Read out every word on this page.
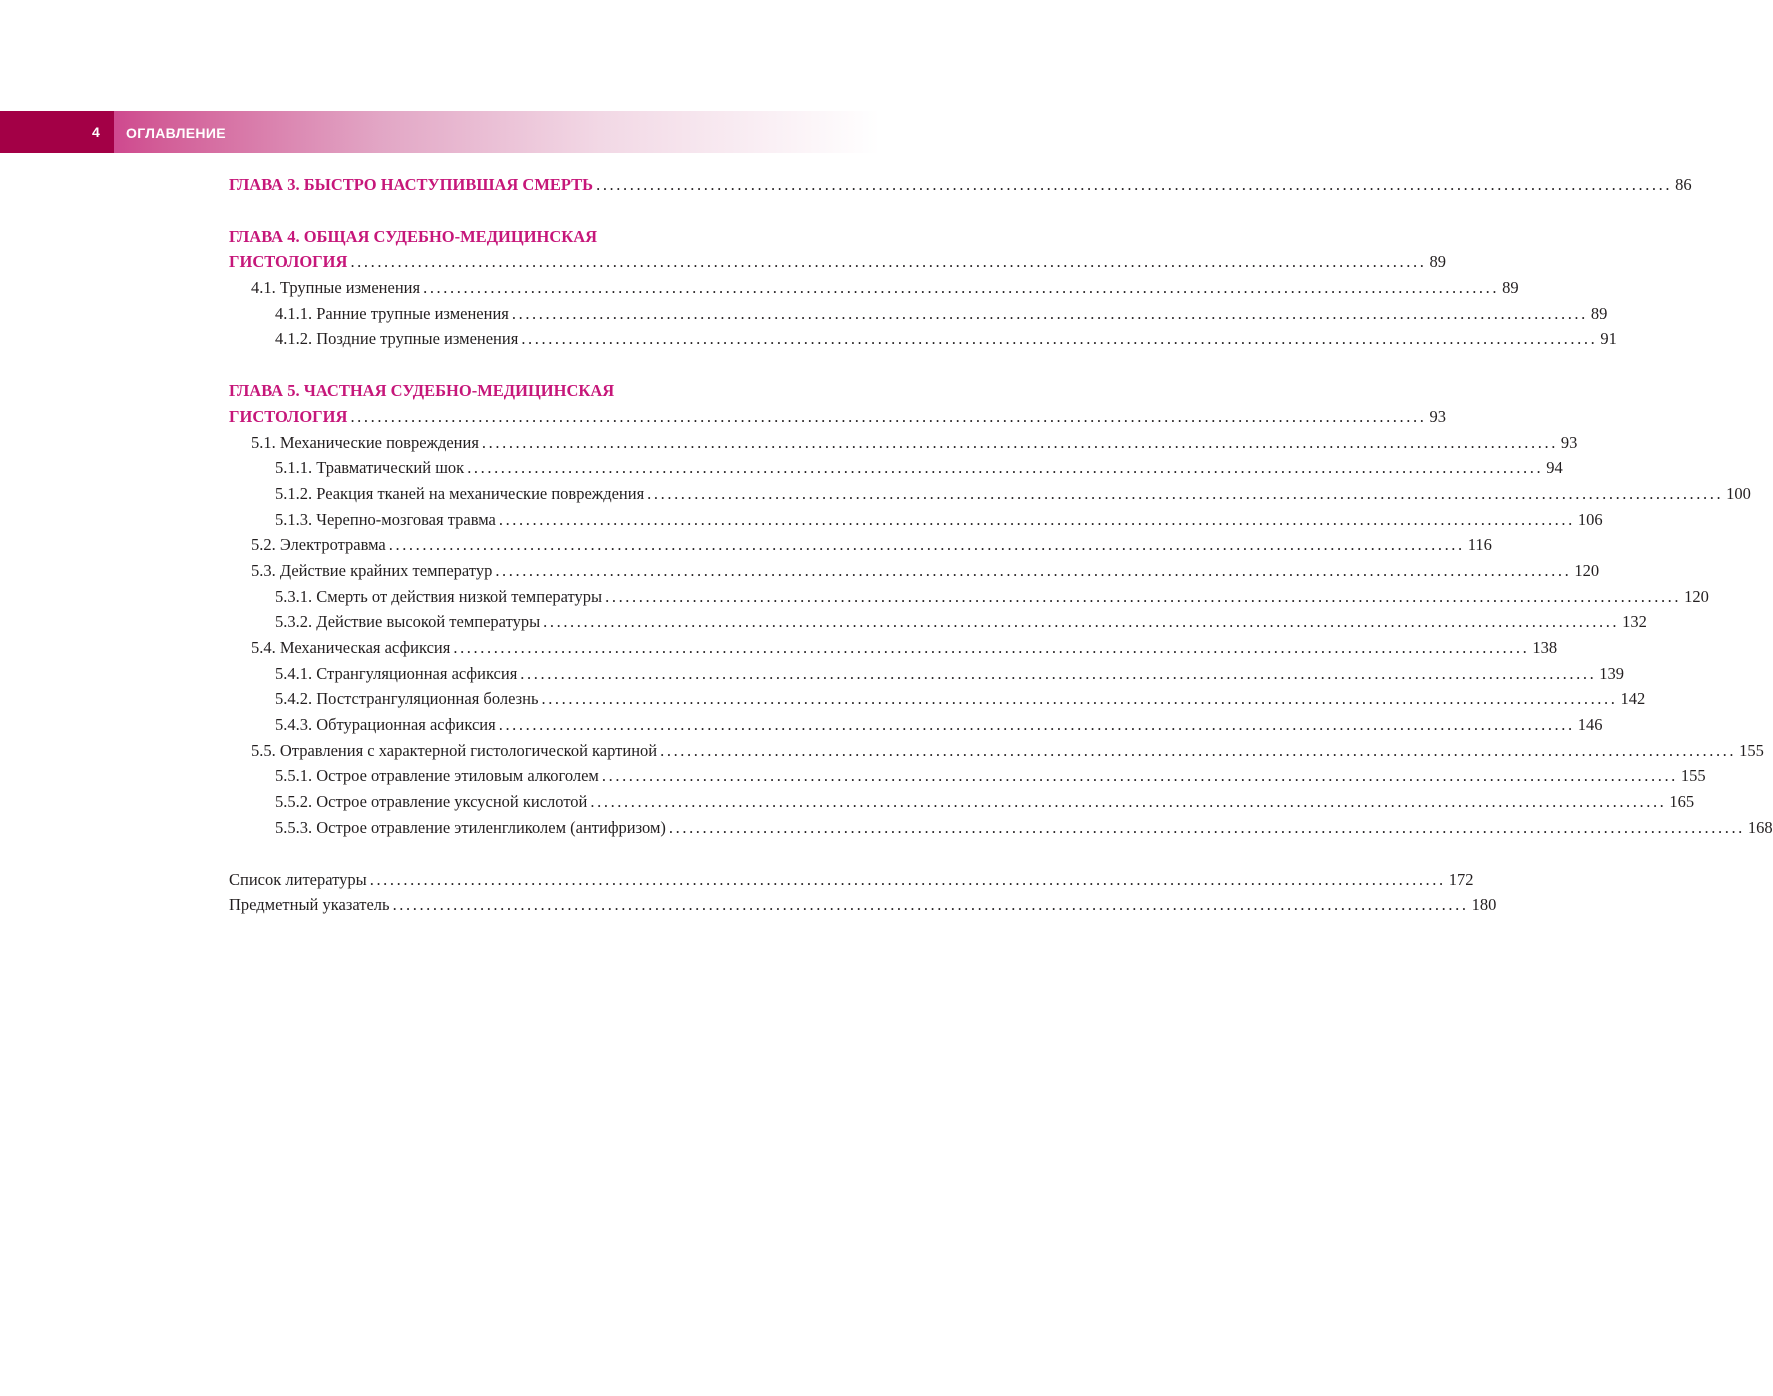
4 ОГЛАВЛЕНИЕ
ГЛАВА 3. БЫСТРО НАСТУПИВШАЯ СМЕРТЬ ................................................................................................................................................................ 86
ГЛАВА 4. ОБЩАЯ СУДЕБНО-МЕДИЦИНСКАЯ
ГИСТОЛОГИЯ ................................................................................................................................................................ 89
4.1. Трупные изменения ................................................................................................................................................................ 89
4.1.1. Ранние трупные изменения ................................................................................................................................................................ 89
4.1.2. Поздние трупные изменения ................................................................................................................................................................ 91
ГЛАВА 5. ЧАСТНАЯ СУДЕБНО-МЕДИЦИНСКАЯ
ГИСТОЛОГИЯ ................................................................................................................................................................ 93
5.1. Механические повреждения ................................................................................................................................................................ 93
5.1.1. Травматический шок ................................................................................................................................................................ 94
5.1.2. Реакция тканей на механические повреждения ................................................................................................................................................................ 100
5.1.3. Черепно-мозговая травма ................................................................................................................................................................ 106
5.2. Электротравма ................................................................................................................................................................ 116
5.3. Действие крайних температур ................................................................................................................................................................ 120
5.3.1. Смерть от действия низкой температуры ................................................................................................................................................................ 120
5.3.2. Действие высокой температуры ................................................................................................................................................................ 132
5.4. Механическая асфиксия ................................................................................................................................................................ 138
5.4.1. Странгуляционная асфиксия ................................................................................................................................................................ 139
5.4.2. Постстрангуляционная болезнь ................................................................................................................................................................ 142
5.4.3. Обтурационная асфиксия ................................................................................................................................................................ 146
5.5. Отравления с характерной гистологической картиной ................................................................................................................................................................ 155
5.5.1. Острое отравление этиловым алкоголем ................................................................................................................................................................ 155
5.5.2. Острое отравление уксусной кислотой ................................................................................................................................................................ 165
5.5.3. Острое отравление этиленгликолем (антифризом) ................................................................................................................................................................ 168
Список литературы ................................................................................................................................................................ 172
Предметный указатель ................................................................................................................................................................ 180
